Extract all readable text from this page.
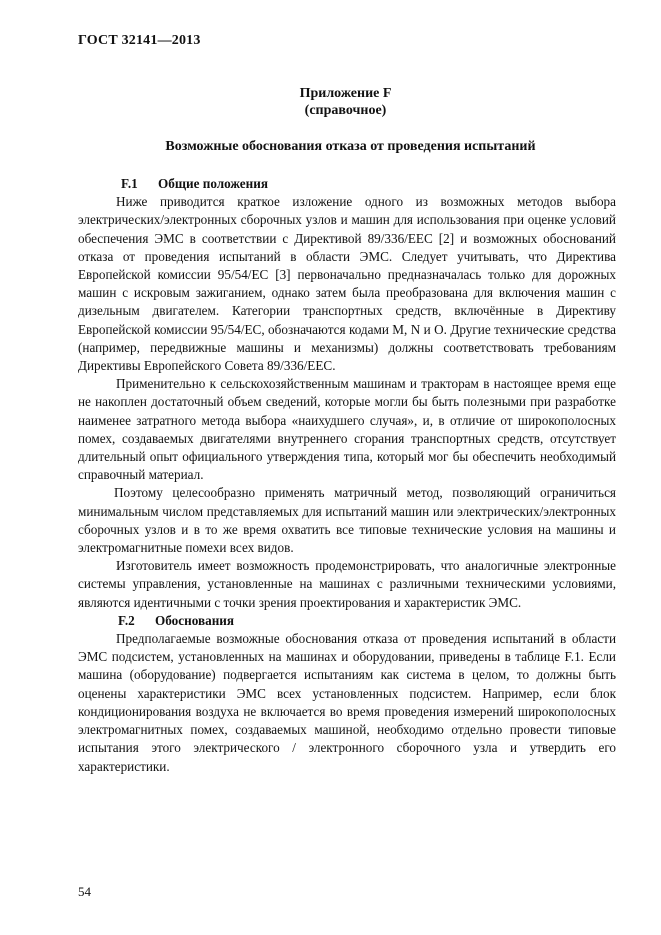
ГОСТ 32141—2013
Приложение F
(справочное)
Возможные обоснования отказа от проведения испытаний
F.1 Общие положения

Ниже приводится краткое изложение одного из возможных методов выбора электрических/электронных сборочных узлов и машин для использования при оценке условий обеспечения ЭМС в соответствии с Директивой 89/336/ЕЕС [2] и возможных обоснований отказа от проведения испытаний в области ЭМС. Следует учитывать, что Директива Европейской комиссии 95/54/ЕС [3] первоначально предназначалась только для дорожных машин с искровым зажиганием, однако затем была преобразована для включения машин с дизельным двигателем. Категории транспортных средств, включённые в Директиву Европейской комиссии 95/54/ЕС, обозначаются кодами M, N и O. Другие технические средства (например, передвижные машины и механизмы) должны соответствовать требованиям Директивы Европейского Совета 89/336/ЕЕС.

Применительно к сельскохозяйственным машинам и тракторам в настоящее время еще не накоплен достаточный объем сведений, которые могли бы быть полезными при разработке наименее затратного метода выбора «наихудшего случая», и, в отличие от широкополосных помех, создаваемых двигателями внутреннего сгорания транспортных средств, отсутствует длительный опыт официального утверждения типа, который мог бы обеспечить необходимый справочный материал.

Поэтому целесообразно применять матричный метод, позволяющий ограничиться минимальным числом представляемых для испытаний машин или электрических/электронных сборочных узлов и в то же время охватить все типовые технические условия на машины и электромагнитные помехи всех видов.

Изготовитель имеет возможность продемонстрировать, что аналогичные электронные системы управления, установленные на машинах с различными техническими условиями, являются идентичными с точки зрения проектирования и характеристик ЭМС.

F.2 Обоснования

Предполагаемые возможные обоснования отказа от проведения испытаний в области ЭМС подсистем, установленных на машинах и оборудовании, приведены в таблице F.1. Если машина (оборудование) подвергается испытаниям как система в целом, то должны быть оценены характеристики ЭМС всех установленных подсистем. Например, если блок кондиционирования воздуха не включается во время проведения измерений широкополосных электромагнитных помех, создаваемых машиной, необходимо отдельно провести типовые испытания этого электрического / электронного сборочного узла и утвердить его характеристики.

54
